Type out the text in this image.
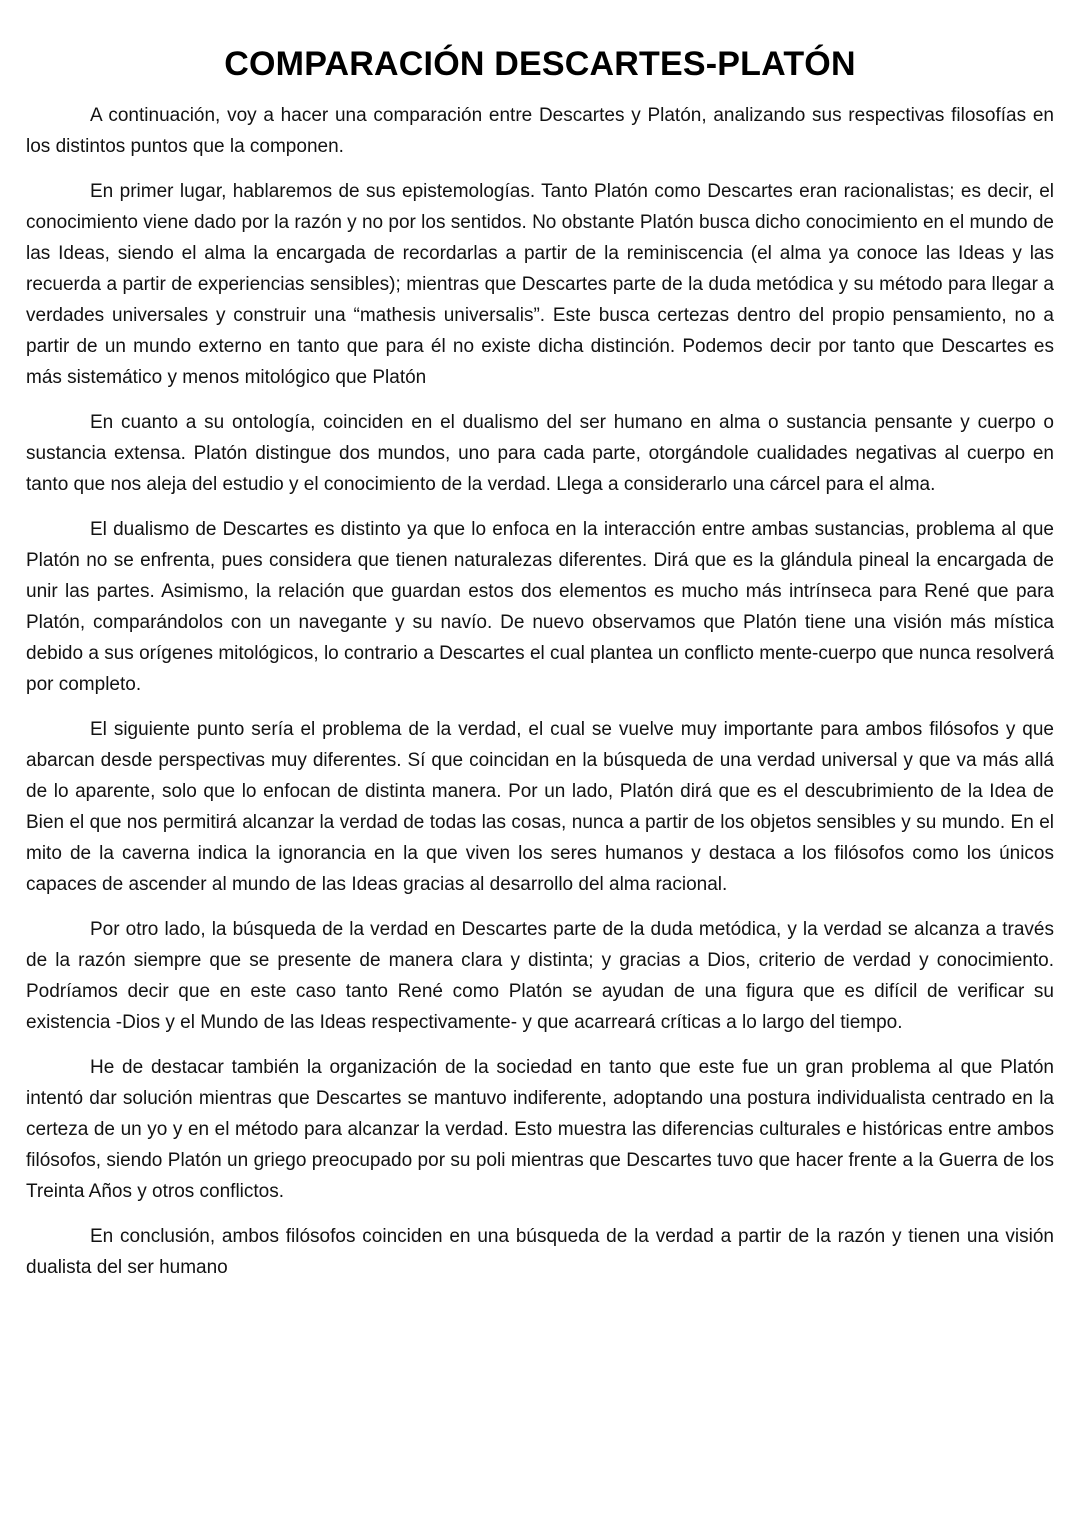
COMPARACIÓN DESCARTES-PLATÓN

A continuación, voy a hacer una comparación entre Descartes y Platón, analizando sus respectivas filosofías en los distintos puntos que la componen.

En primer lugar, hablaremos de sus epistemologías. Tanto Platón como Descartes eran racionalistas; es decir, el conocimiento viene dado por la razón y no por los sentidos. No obstante Platón busca dicho conocimiento en el mundo de las Ideas, siendo el alma la encargada de recordarlas a partir de la reminiscencia (el alma ya conoce las Ideas y las recuerda a partir de experiencias sensibles); mientras que Descartes parte de la duda metódica y su método para llegar a verdades universales y construir una “mathesis universalis”. Este busca certezas dentro del propio pensamiento, no a partir de un mundo externo en tanto que para él no existe dicha distinción. Podemos decir por tanto que Descartes es más sistemático y menos mitológico que Platón

En cuanto a su ontología, coinciden en el dualismo del ser humano en alma o sustancia pensante y cuerpo o sustancia extensa. Platón distingue dos mundos, uno para cada parte, otorgándole cualidades negativas al cuerpo en tanto que nos aleja del estudio y el conocimiento de la verdad. Llega a considerarlo una cárcel para el alma.

El dualismo de Descartes es distinto ya que lo enfoca en la interacción entre ambas sustancias, problema al que Platón no se enfrenta, pues considera que tienen naturalezas diferentes. Dirá que es la glándula pineal la encargada de unir las partes. Asimismo, la relación que guardan estos dos elementos es mucho más intrínseca para René que para Platón, comparándolos con un navegante y su navío. De nuevo observamos que Platón tiene una visión más mística debido a sus orígenes mitológicos, lo contrario a Descartes el cual plantea un conflicto mente-cuerpo que nunca resolverá por completo.

El siguiente punto sería el problema de la verdad, el cual se vuelve muy importante para ambos filósofos y que abarcan desde perspectivas muy diferentes. Sí que coincidan en la búsqueda de una verdad universal y que va más allá de lo aparente, solo que lo enfocan de distinta manera. Por un lado, Platón dirá que es el descubrimiento de la Idea de Bien el que nos permitirá alcanzar la verdad de todas las cosas, nunca a partir de los objetos sensibles y su mundo. En el mito de la caverna indica la ignorancia en la que viven los seres humanos y destaca a los filósofos como los únicos capaces de ascender al mundo de las Ideas gracias al desarrollo del alma racional.

Por otro lado, la búsqueda de la verdad en Descartes parte de la duda metódica, y la verdad se alcanza a través de la razón siempre que se presente de manera clara y distinta; y gracias a Dios, criterio de verdad y conocimiento. Podríamos decir que en este caso tanto René como Platón se ayudan de una figura que es difícil de verificar su existencia -Dios y el Mundo de las Ideas respectivamente- y que acarreará críticas a lo largo del tiempo.

He de destacar también la organización de la sociedad en tanto que este fue un gran problema al que Platón intentó dar solución mientras que Descartes se mantuvo indiferente, adoptando una postura individualista centrado en la certeza de un yo y en el método para alcanzar la verdad. Esto muestra las diferencias culturales e históricas entre ambos filósofos, siendo Platón un griego preocupado por su poli mientras que Descartes tuvo que hacer frente a la Guerra de los Treinta Años y otros conflictos.

En conclusión, ambos filósofos coinciden en una búsqueda de la verdad a partir de la razón y tienen una visión dualista del ser humano
